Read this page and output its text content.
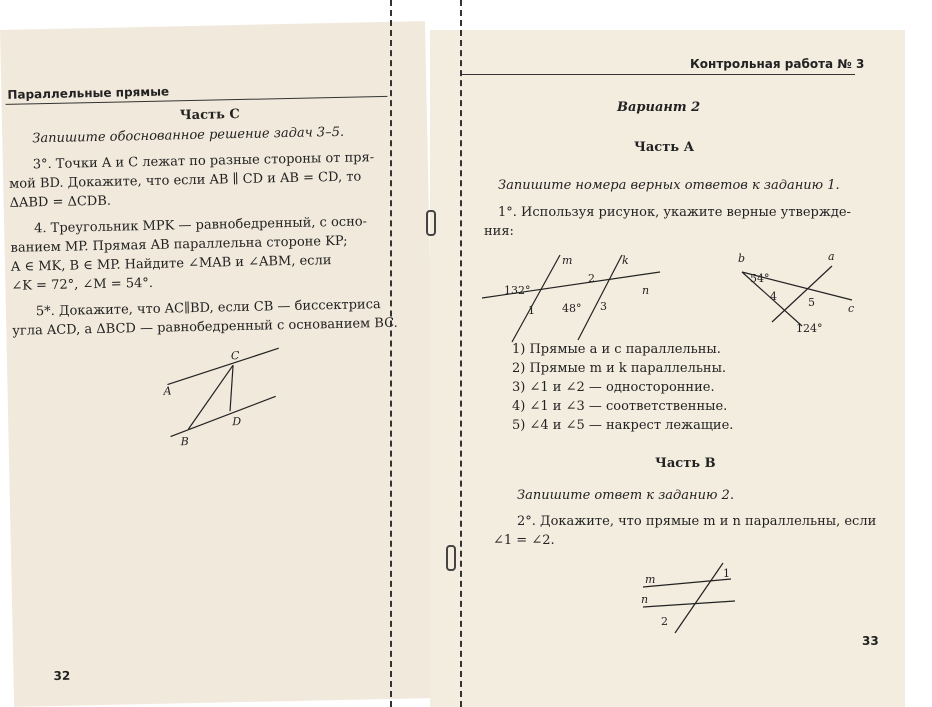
Параллельные прямые
Часть С
Запишите обоснованное решение задач 3–5.
3°. Точки A и C лежат по разные стороны от пря-
мой BD. Докажите, что если AB ∥ CD и AB = CD, то
ΔABD = ΔCDB.
4. Треугольник MPK — равнобедренный, с осно-
ванием MP. Прямая AB параллельна стороне KP;
A ∈ MK, B ∈ MP. Найдите ∠MAB и ∠ABM, если
∠K = 72°, ∠M = 54°.
5*. Докажите, что AC∥BD, если CB — биссектриса
угла ACD, а ΔBCD — равнобедренный с основанием BC.
A
C
D
B
32
Контрольная работа № 3
Вариант 2
Часть А
Запишите номера верных ответов к заданию 1.
1°. Используя рисунок, укажите верные утвержде-
ния:
m	k
n
132°
1
2
48° 3
b	a
c
54°
4	5
124°
1) Прямые a и c параллельны.
2) Прямые m и k параллельны.
3) ∠1 и ∠2 — односторонние.
4) ∠1 и ∠3 — соответственные.
5) ∠4 и ∠5 — накрест лежащие.
Часть В
Запишите ответ к заданию 2.
2°. Докажите, что прямые m и n параллельны, если
∠1 = ∠2.
m
n
1
2
33
